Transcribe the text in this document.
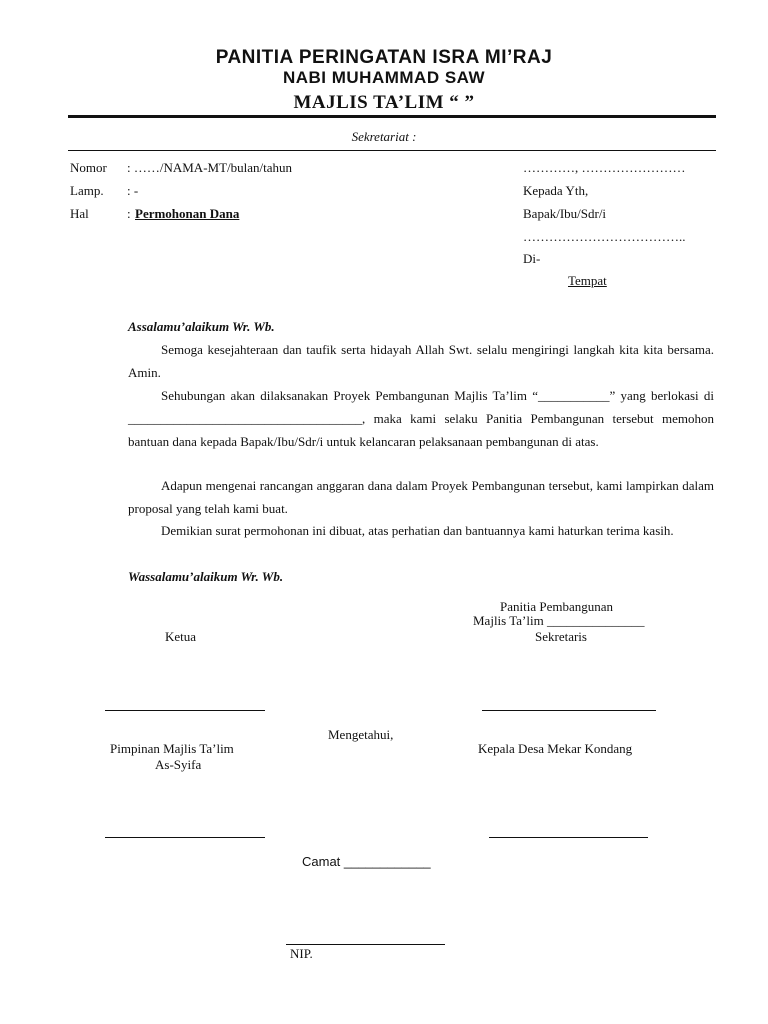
PANITIA PERINGATAN ISRA MI’RAJ
NABI MUHAMMAD SAW
MAJLIS TA’LIM “ ”
Sekretariat :
Nomor : ……/NAMA-MT/bulan/tahun
Lamp. : -
Hal	: Permohonan Dana
…………, ……………………
Kepada Yth,
Bapak/Ibu/Sdr/i
………………………………..
Di-
Tempat
Assalamu’alaikum Wr. Wb.
Semoga kesejahteraan dan taufik serta hidayah Allah Swt. selalu mengiringi langkah kita kita bersama. Amin.
Sehubungan akan dilaksanakan Proyek Pembangunan Majlis Ta’lim “___________” yang berlokasi di ____________________________________, maka kami selaku Panitia Pembangunan tersebut memohon bantuan dana kepada Bapak/Ibu/Sdr/i untuk kelancaran pelaksanaan pembangunan di atas.
Adapun mengenai rancangan anggaran dana dalam Proyek Pembangunan tersebut, kami lampirkan dalam proposal yang telah kami buat.
Demikian surat permohonan ini dibuat, atas perhatian dan bantuannya kami haturkan terima kasih.
Wassalamu’alaikum Wr. Wb.
Panitia Pembangunan
Majlis Ta’lim _______________
Ketua	Sekretaris
Mengetahui,
Pimpinan Majlis Ta’lim
As-Syifa
Kepala Desa Mekar Kondang
Camat ____________
NIP.
